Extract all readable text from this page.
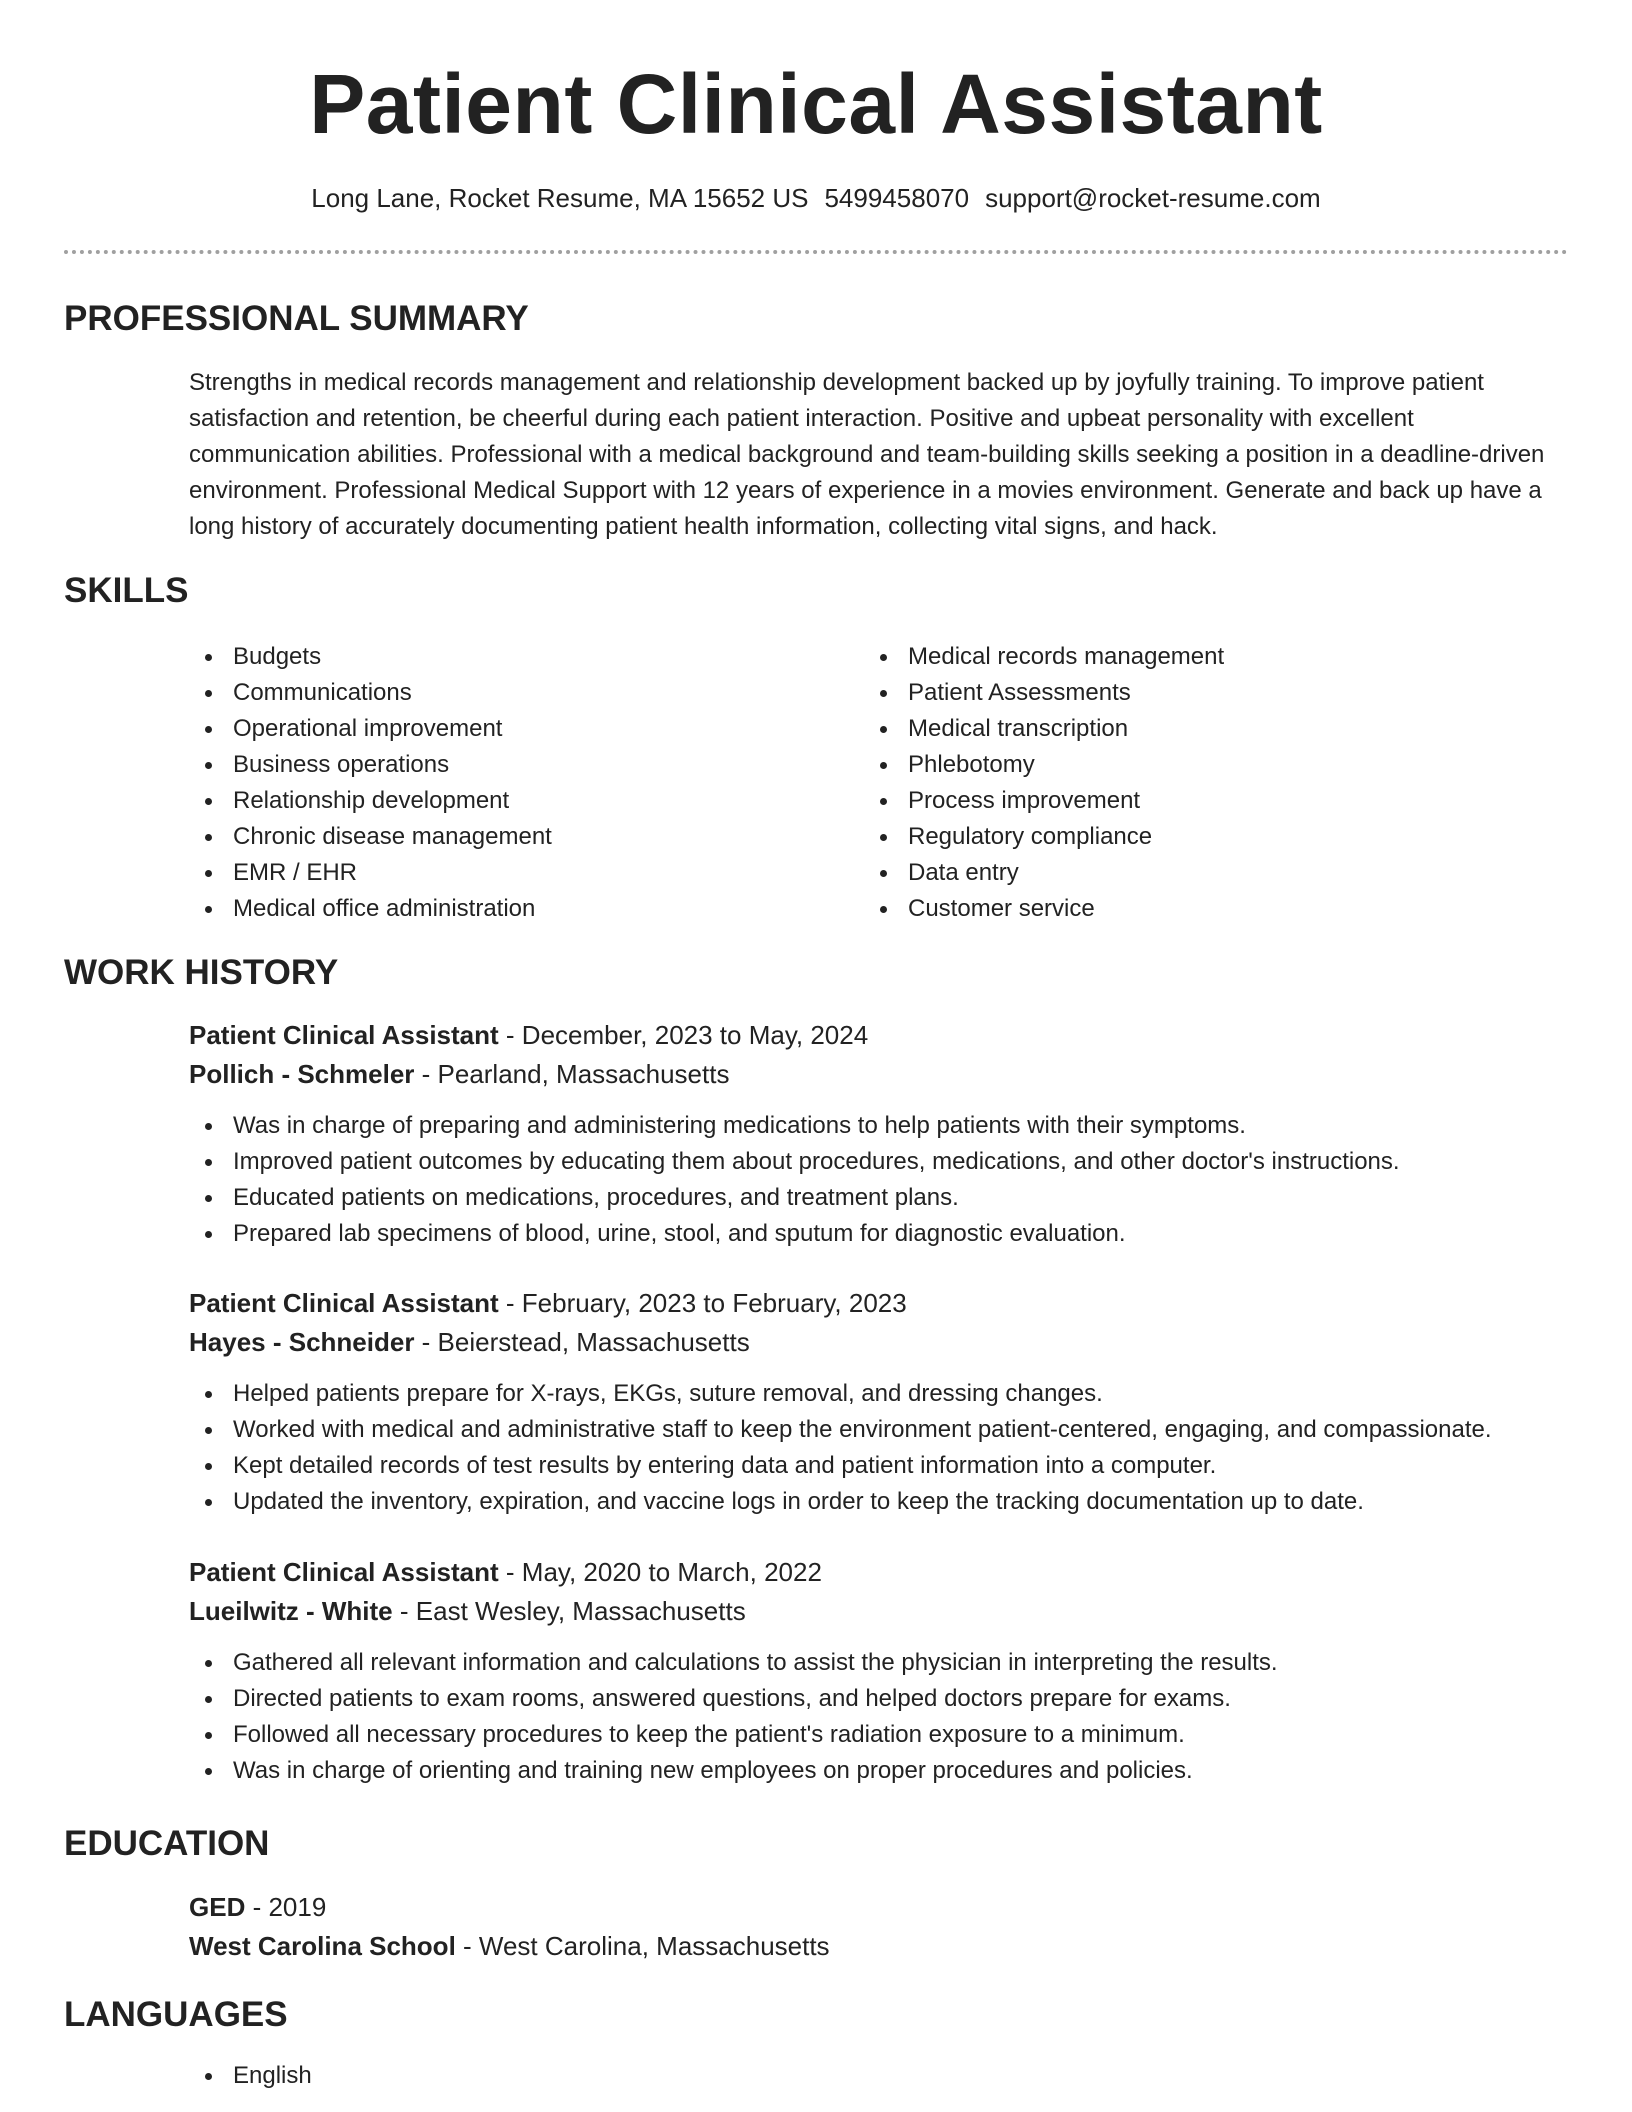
Patient Clinical Assistant
Long Lane, Rocket Resume, MA 15652 US 5499458070 support@rocket-resume.com
PROFESSIONAL SUMMARY

Strengths in medical records management and relationship development backed up by joyfully training. To improve patient satisfaction and retention, be cheerful during each patient interaction. Positive and upbeat personality with excellent communication abilities. Professional with a medical background and team-building skills seeking a position in a deadline-driven environment. Professional Medical Support with 12 years of experience in a movies environment. Generate and back up have a long history of accurately documenting patient health information, collecting vital signs, and hack.

SKILLS
Budgets
Communications
Operational improvement
Business operations
Relationship development
Chronic disease management
EMR / EHR
Medical office administration
Medical records management
Patient Assessments
Medical transcription
Phlebotomy
Process improvement
Regulatory compliance
Data entry
Customer service
WORK HISTORY
Patient Clinical Assistant - December, 2023 to May, 2024
Pollich - Schmeler - Pearland, Massachusetts
Was in charge of preparing and administering medications to help patients with their symptoms.
Improved patient outcomes by educating them about procedures, medications, and other doctor's instructions.
Educated patients on medications, procedures, and treatment plans.
Prepared lab specimens of blood, urine, stool, and sputum for diagnostic evaluation.
Patient Clinical Assistant - February, 2023 to February, 2023
Hayes - Schneider - Beierstead, Massachusetts
Helped patients prepare for X-rays, EKGs, suture removal, and dressing changes.
Worked with medical and administrative staff to keep the environment patient-centered, engaging, and compassionate.
Kept detailed records of test results by entering data and patient information into a computer.
Updated the inventory, expiration, and vaccine logs in order to keep the tracking documentation up to date.
Patient Clinical Assistant - May, 2020 to March, 2022
Lueilwitz - White - East Wesley, Massachusetts
Gathered all relevant information and calculations to assist the physician in interpreting the results.
Directed patients to exam rooms, answered questions, and helped doctors prepare for exams.
Followed all necessary procedures to keep the patient's radiation exposure to a minimum.
Was in charge of orienting and training new employees on proper procedures and policies.
EDUCATION
GED - 2019
West Carolina School - West Carolina, Massachusetts
LANGUAGES
English
